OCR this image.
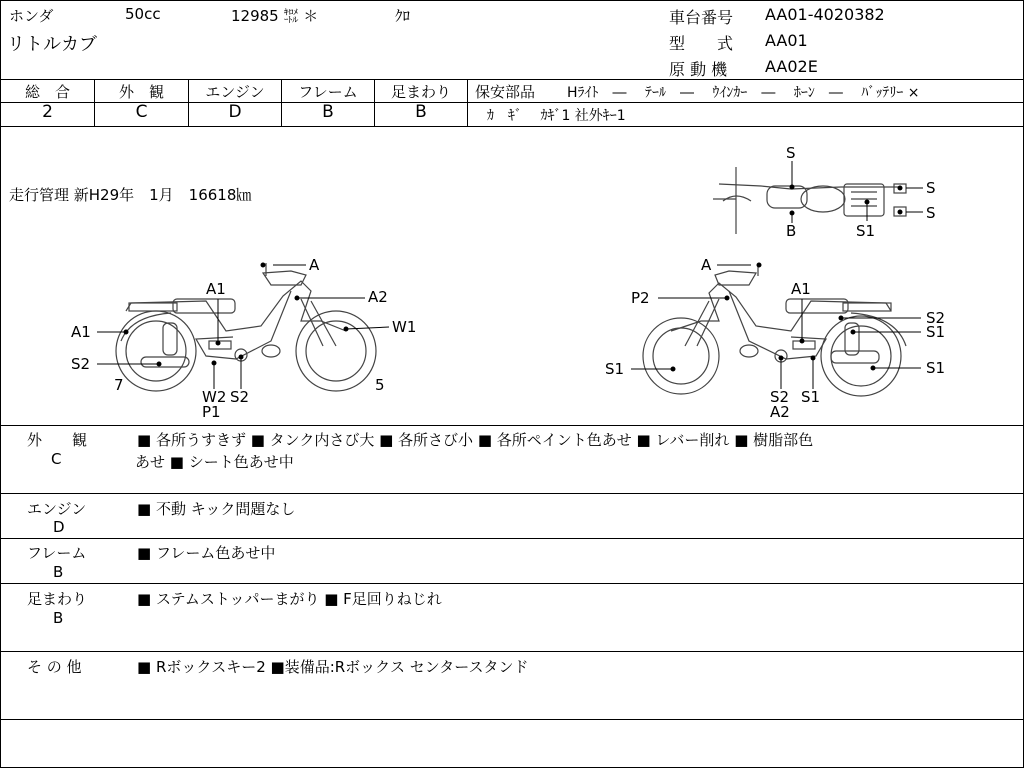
ホンダ	50cc	12985 ㌖ ＊	ｸﾛ
リトルカブ
車台番号 AA01-4020382
型　　式 AA01
原 動 機 AA02E
総　合	外　観	エンジン	フレーム	足まわり
2	C	D	B	B
保安部品 Hﾗｲﾄ　―　 ﾃｰﾙ　―　 ｳｲﾝｶｰ　―　 ﾎｰﾝ　―　 ﾊﾞｯﾃﾘｰ ×
ｶ　ｷﾞ　 ｶｷﾞ1 社外ｷｰ1
走行管理 新H29年　1月　16618㎞
S
B
S
S
S1
A
A1	A2
A1	W1
S2
7	5
W2 S2
P1
A
P2	A1
S2
S1
S1	S1
S2 S1
A2
外　　観
C
■ 各所うすきず ■ タンク内さび大 ■ 各所さび小 ■ 各所ペイント色あせ ■ レバー削れ ■ 樹脂部色
あせ ■ シート色あせ中
エンジン
D
■ 不動 キック問題なし
フレーム
B
■ フレーム色あせ中
足まわり
B
■ ステムストッパーまがり ■ F足回りねじれ
そ の 他	■ Rボックスキー2 ■装備品:Rボックス センタースタンド
